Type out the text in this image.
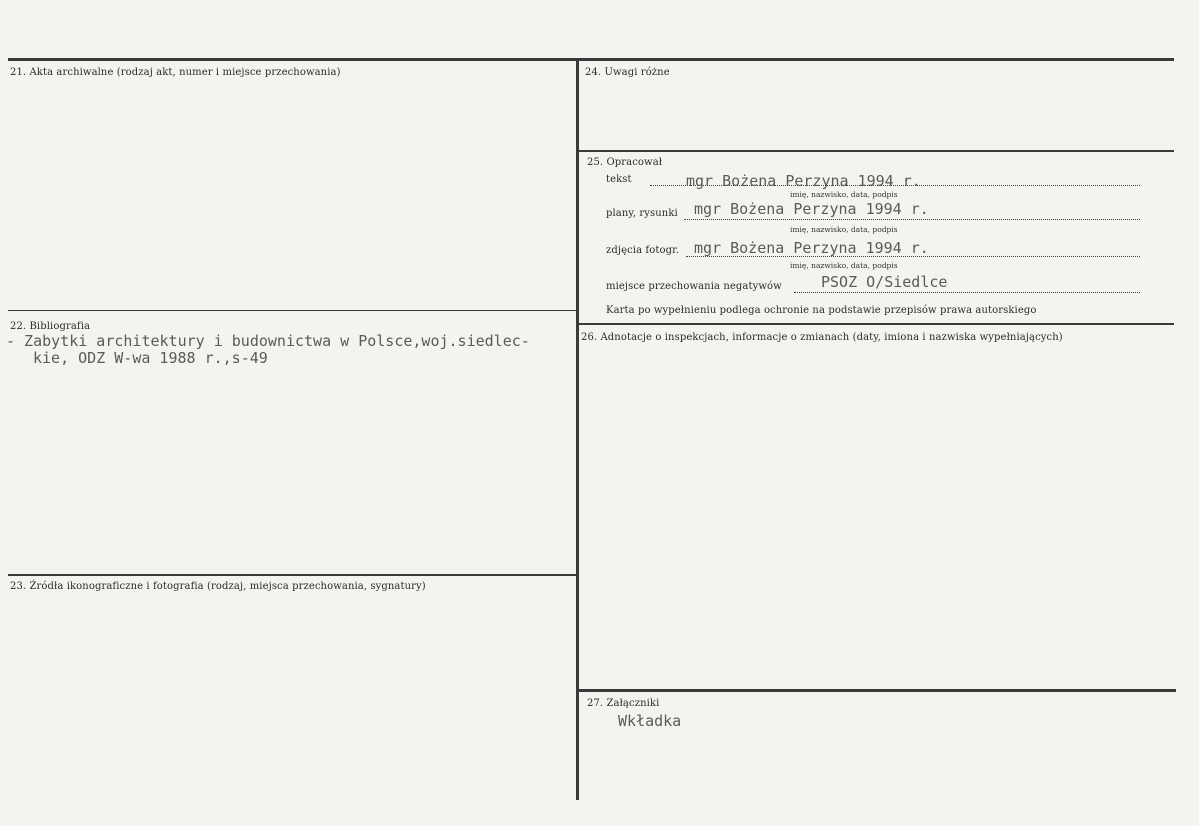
21. Akta archiwalne (rodzaj akt, numer i miejsce przechowania)
22. Bibliografia
- Zabytki architektury i budownictwa w Polsce,woj.siedlec-
kie, ODZ W-wa 1988 r.,s-49
23. Źródła ikonograficzne i fotografia (rodzaj, miejsca przechowania, sygnatury)
24. Uwagi różne
25. Opracował
tekst	mgr Bożena Perzyna 1994 r.
imię, nazwisko, data, podpis
plany, rysunki mgr Bożena Perzyna 1994 r.
imię, nazwisko, data, podpis
zdjęcia fotogr. mgr Bożena Perzyna 1994 r.
imię, nazwisko, data, podpis
miejsce przechowania negatywów	PSOZ O/Siedlce
Karta po wypełnieniu podlega ochronie na podstawie przepisów prawa autorskiego
26. Adnotacje o inspekcjach, informacje o zmianach (daty, imiona i nazwiska wypełniających)
27. Załączniki
Wkładka
